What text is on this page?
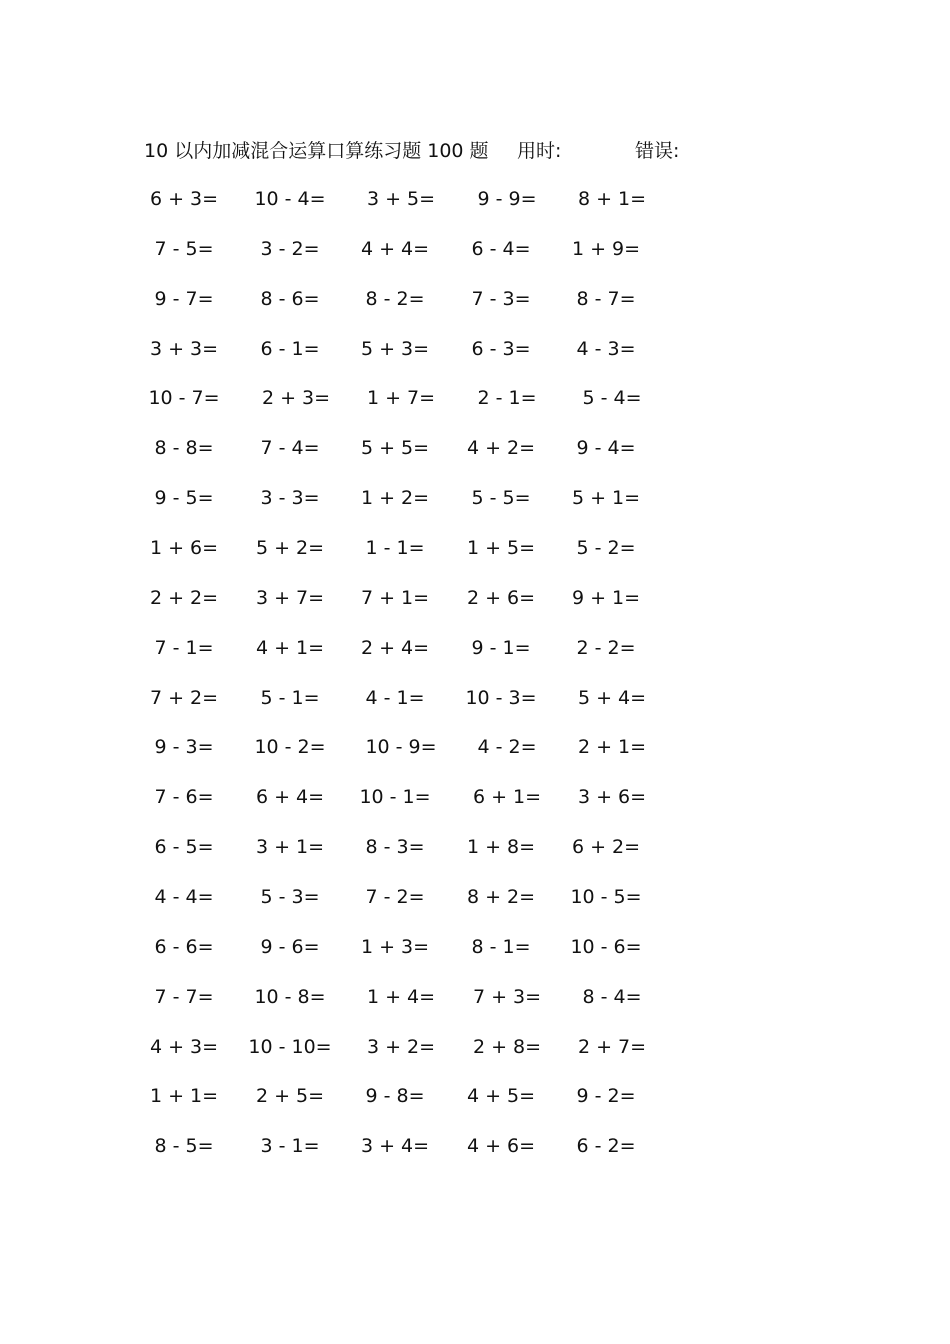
10 以内加减混合运算口算练习题 100 题 用时:	错误:
6 + 3=	10 - 4=	3 + 5=	9 - 9=	8 + 1=
7 - 5=	3 - 2=	4 + 4=	6 - 4=	1 + 9=
9 - 7=	8 - 6=	8 - 2=	7 - 3=	8 - 7=
3 + 3=	6 - 1=	5 + 3=	6 - 3=	4 - 3=
10 - 7=	2 + 3=	1 + 7=	2 - 1=	5 - 4=
8 - 8=	7 - 4=	5 + 5=	4 + 2=	9 - 4=
9 - 5=	3 - 3=	1 + 2=	5 - 5=	5 + 1=
1 + 6=	5 + 2=	1 - 1=	1 + 5=	5 - 2=
2 + 2=	3 + 7=	7 + 1=	2 + 6=	9 + 1=
7 - 1=	4 + 1=	2 + 4=	9 - 1=	2 - 2=
7 + 2=	5 - 1=	4 - 1=	10 - 3=	5 + 4=
9 - 3=	10 - 2=	10 - 9=	4 - 2=	2 + 1=
7 - 6=	6 + 4=	10 - 1=	6 + 1=	3 + 6=
6 - 5=	3 + 1=	8 - 3=	1 + 8=	6 + 2=
4 - 4=	5 - 3=	7 - 2=	8 + 2=	10 - 5=
6 - 6=	9 - 6=	1 + 3=	8 - 1=	10 - 6=
7 - 7=	10 - 8=	1 + 4=	7 + 3=	8 - 4=
4 + 3=	10 - 10=	3 + 2=	2 + 8=	2 + 7=
1 + 1=	2 + 5=	9 - 8=	4 + 5=	9 - 2=
8 - 5=	3 - 1=	3 + 4=	4 + 6=	6 - 2=
